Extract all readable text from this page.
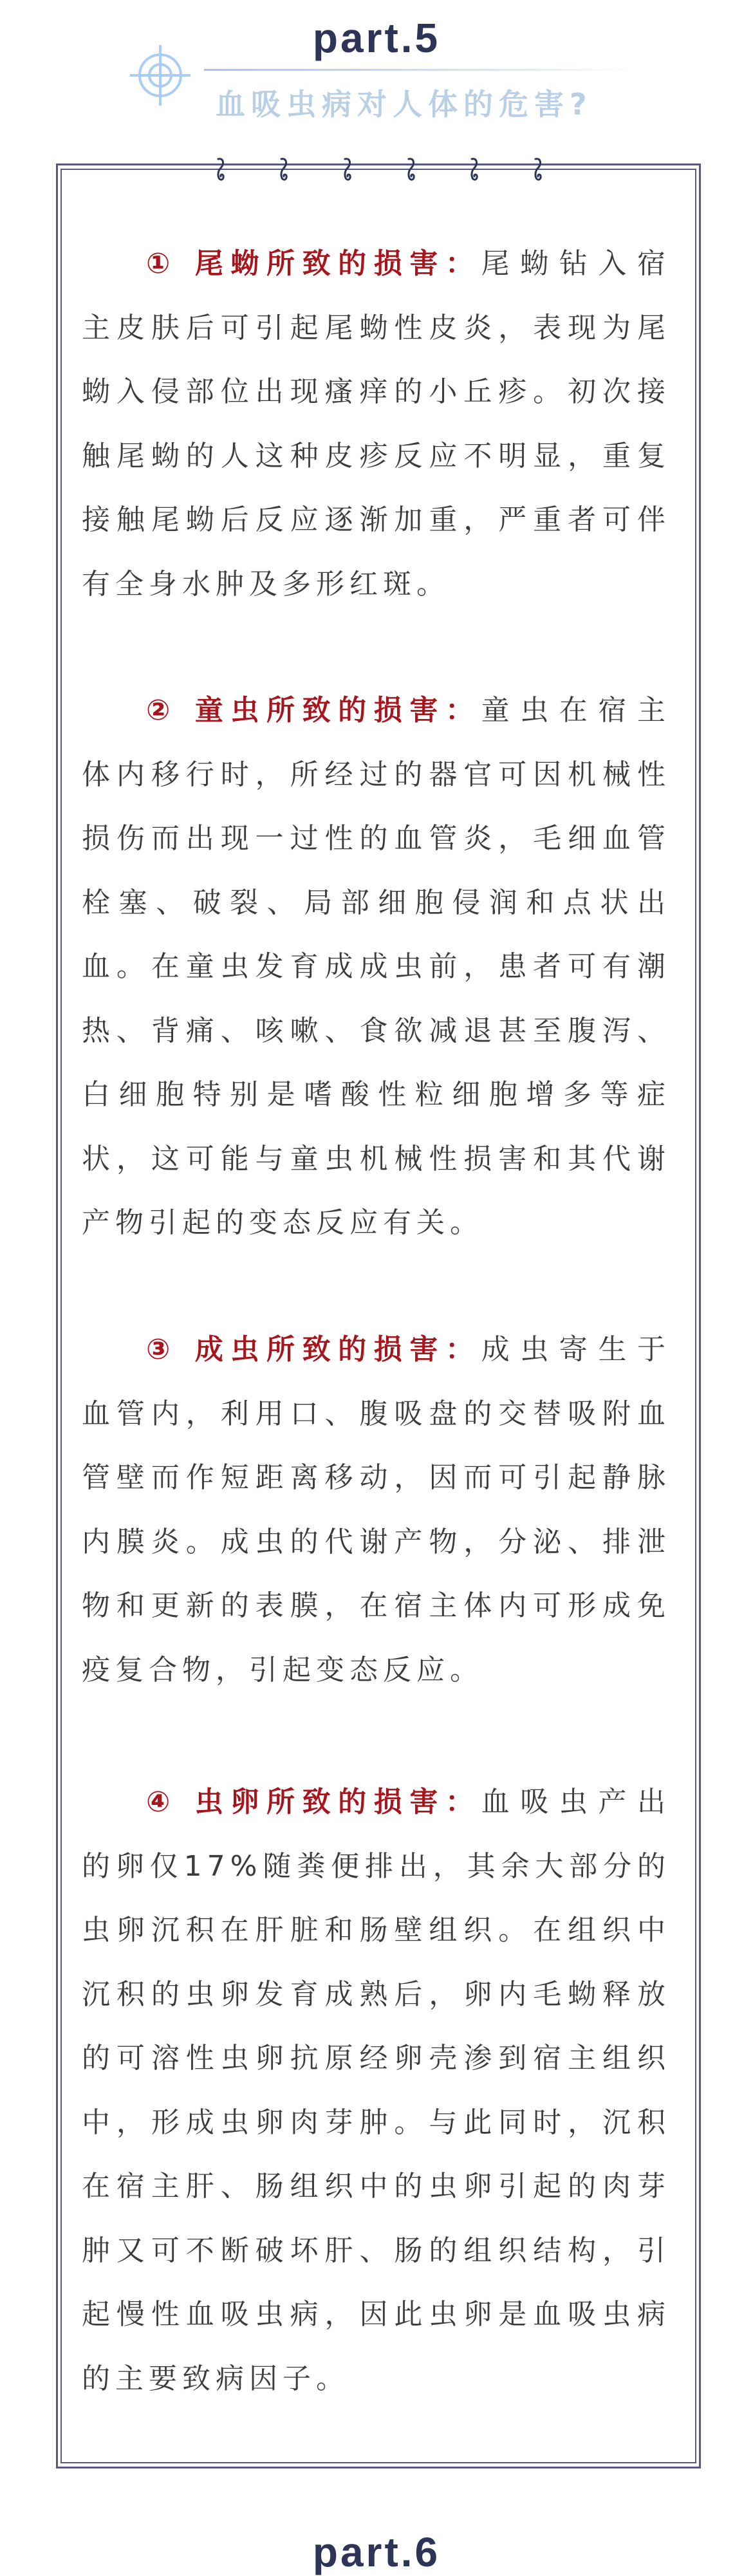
part.5
血吸虫病对人体的危害?
① 尾蚴所致的损害：尾蚴钻入宿
主皮肤后可引起尾蚴性皮炎，表现为尾
蚴入侵部位出现瘙痒的小丘疹。初次接
触尾蚴的人这种皮疹反应不明显，重复
接触尾蚴后反应逐渐加重，严重者可伴
有全身水肿及多形红斑。
② 童虫所致的损害：童虫在宿主
体内移行时，所经过的器官可因机械性
损伤而出现一过性的血管炎，毛细血管
栓塞、破裂、局部细胞侵润和点状出
血。在童虫发育成成虫前，患者可有潮
热、背痛、咳嗽、食欲减退甚至腹泻、
白细胞特别是嗜酸性粒细胞增多等症
状，这可能与童虫机械性损害和其代谢
产物引起的变态反应有关。
③ 成虫所致的损害：成虫寄生于
血管内，利用口、腹吸盘的交替吸附血
管壁而作短距离移动，因而可引起静脉
内膜炎。成虫的代谢产物，分泌、排泄
物和更新的表膜，在宿主体内可形成免
疫复合物，引起变态反应。
④ 虫卵所致的损害：血吸虫产出
的卵仅17%随粪便排出，其余大部分的
虫卵沉积在肝脏和肠壁组织。在组织中
沉积的虫卵发育成熟后，卵内毛蚴释放
的可溶性虫卵抗原经卵壳渗到宿主组织
中，形成虫卵肉芽肿。与此同时，沉积
在宿主肝、肠组织中的虫卵引起的肉芽
肿又可不断破坏肝、肠的组织结构，引
起慢性血吸虫病，因此虫卵是血吸虫病
的主要致病因子。
part.6
